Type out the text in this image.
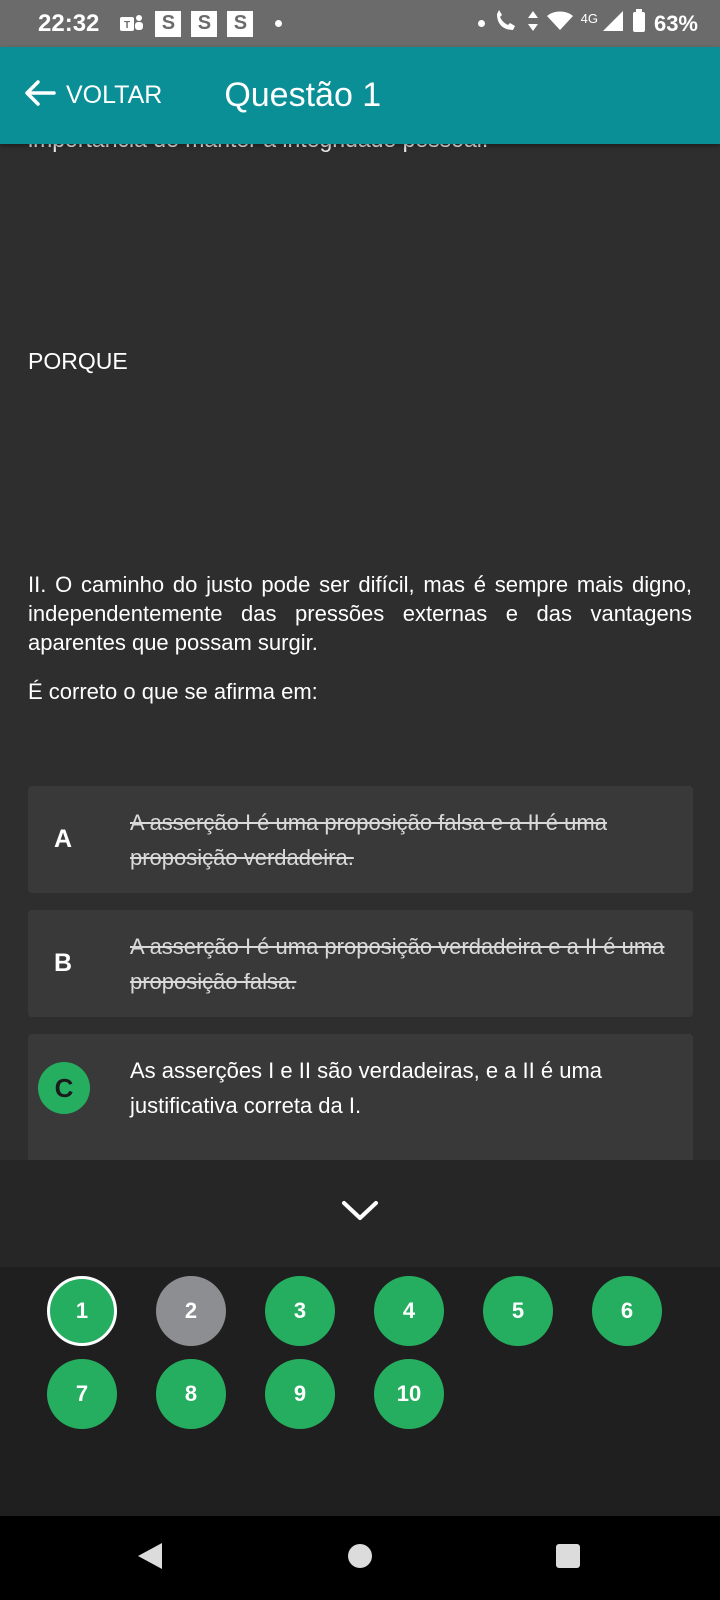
22:32 T	S	S	S	4G	63%
VOLTAR Questão 1
PORQUE
II. O caminho do justo pode ser difícil, mas é sempre mais digno, independentemente das pressões externas e das vantagens aparentes que possam surgir.
É correto o que se afirma em:
A
A asserção I é uma proposição falsa e a II é uma proposição verdadeira.
B
A asserção I é uma proposição verdadeira e a II é uma proposição falsa.
C
As asserções I e II são verdadeiras, e a II é uma justificativa correta da I.
1	2	3	4	5	6
7	8	9	10
